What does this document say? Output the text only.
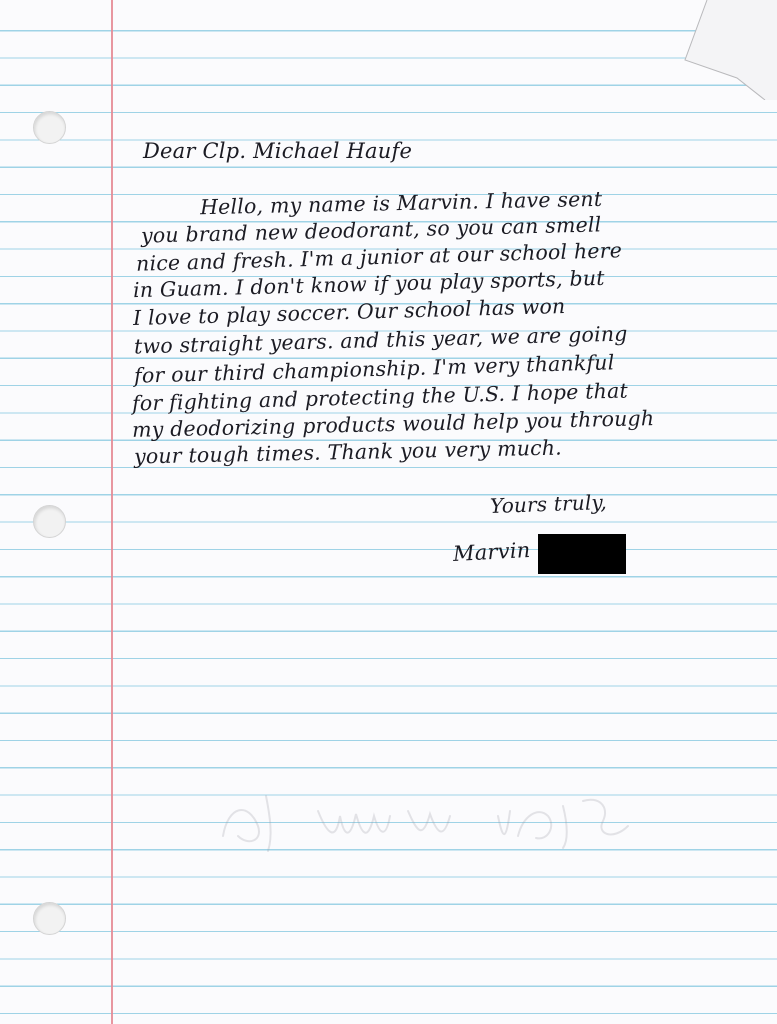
Dear Clp. Michael Haufe
Hello, my name is Marvin. I have sent
you brand new deodorant, so you can smell
nice and fresh. I'm a junior at our school here
in Guam. I don't know if you play sports, but
I love to play soccer. Our school has won
two straight years. and this year, we are going
for our third championship. I'm very thankful
for fighting and protecting the U.S. I hope that
my deodorizing products would help you through
your tough times. Thank you very much.
Yours truly,
Marvin
